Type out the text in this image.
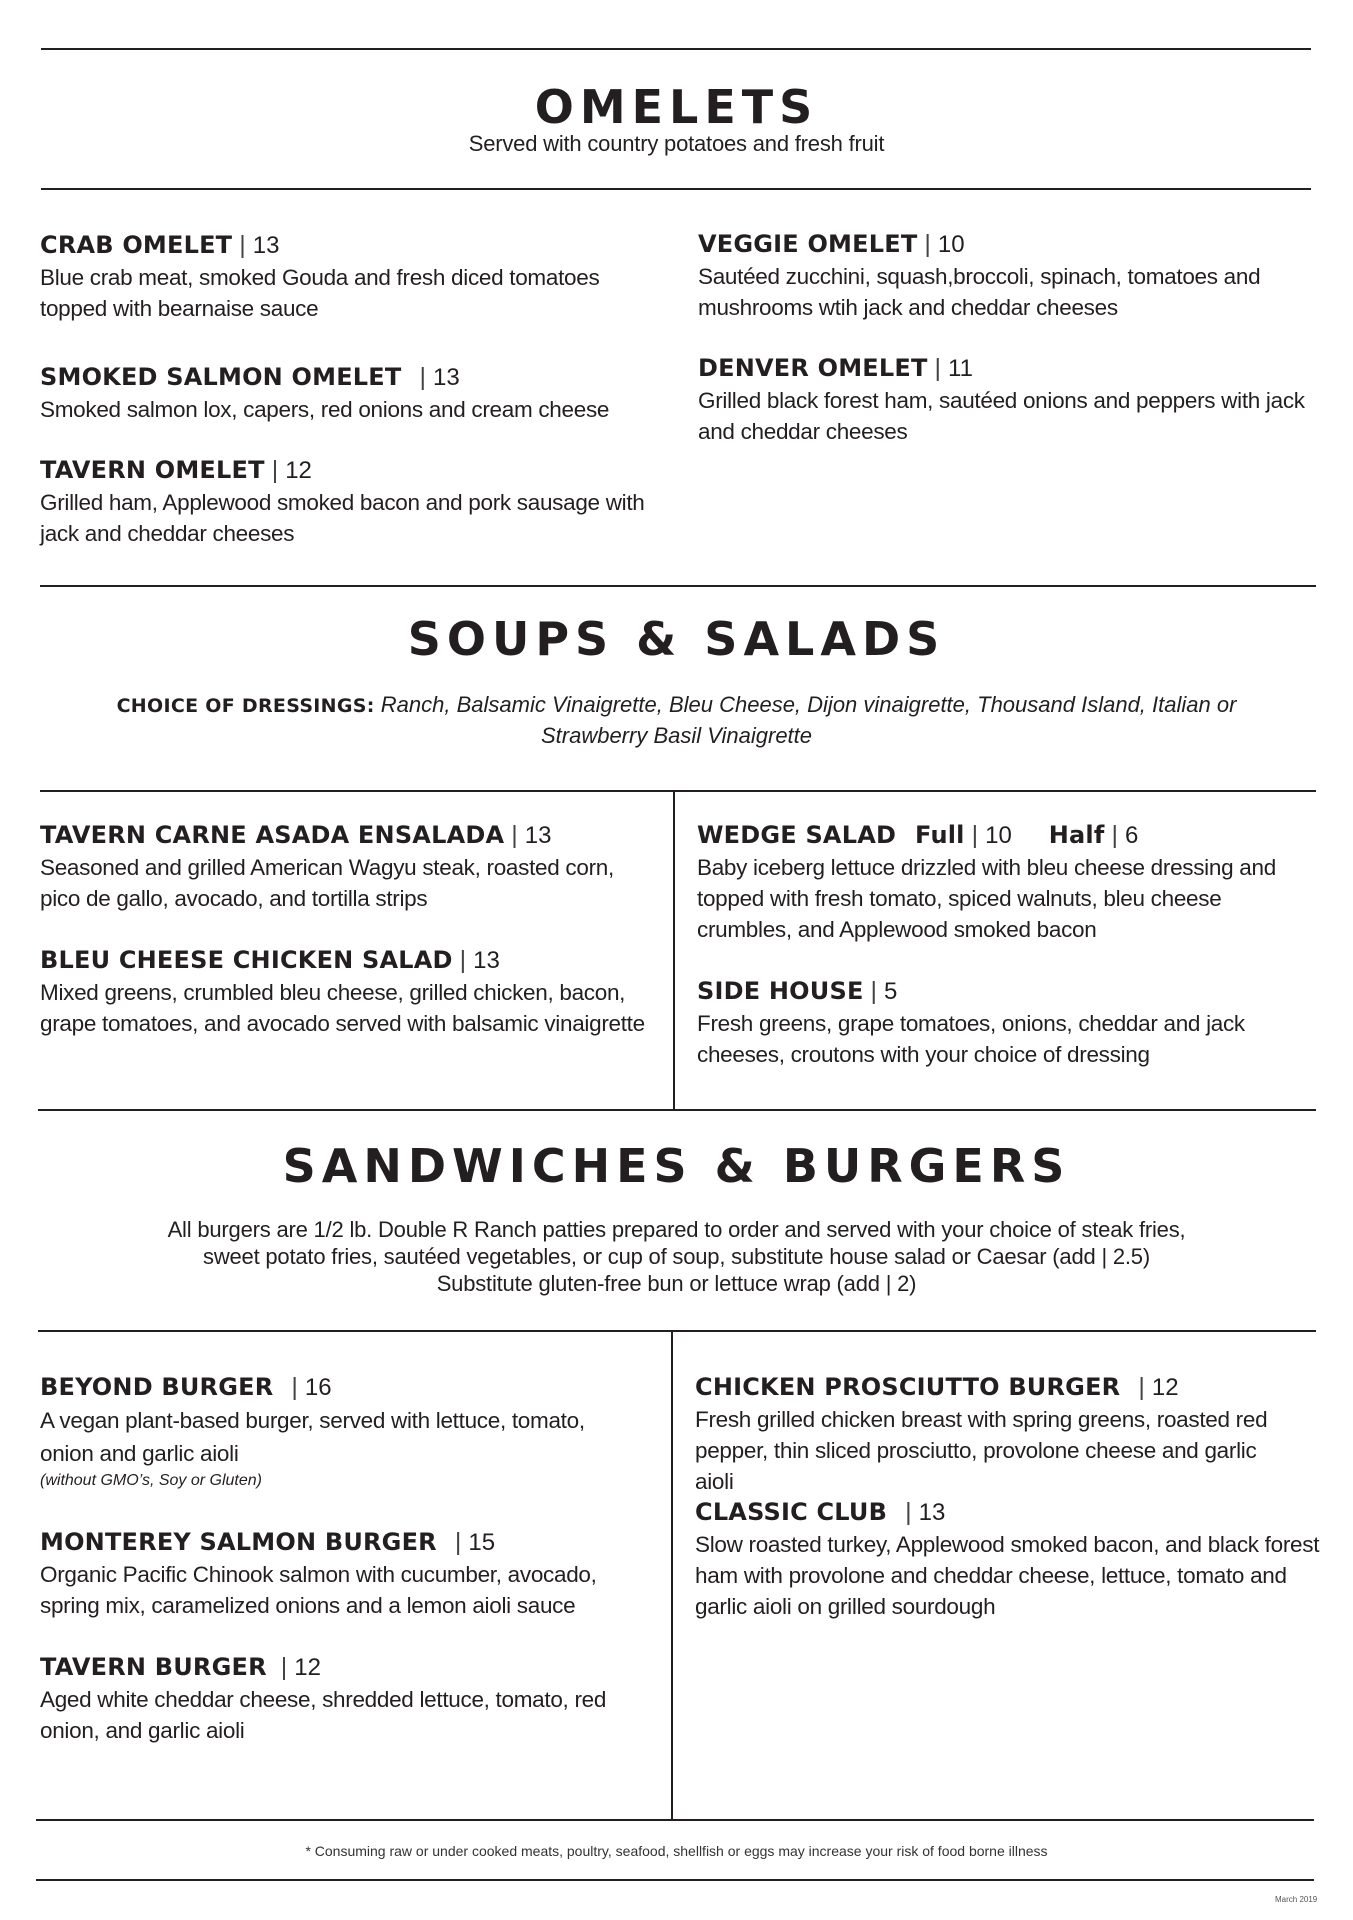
OMELETS
Served with country potatoes and fresh fruit
CRAB OMELET | 13
Blue crab meat, smoked Gouda and fresh diced tomatoes topped with bearnaise sauce
SMOKED SALMON OMELET | 13
Smoked salmon lox, capers, red onions and cream cheese
TAVERN OMELET | 12
Grilled ham, Applewood smoked bacon and pork sausage with jack and cheddar cheeses
VEGGIE OMELET | 10
Sautéed zucchini, squash,broccoli, spinach, tomatoes and mushrooms wtih jack and cheddar cheeses
DENVER OMELET | 11
Grilled black forest ham, sautéed onions and peppers with jack and cheddar cheeses
SOUPS & SALADS
CHOICE OF DRESSINGS: Ranch, Balsamic Vinaigrette, Bleu Cheese, Dijon vinaigrette, Thousand Island, Italian or Strawberry Basil Vinaigrette
TAVERN CARNE ASADA ENSALADA | 13
Seasoned and grilled American Wagyu steak, roasted corn, pico de gallo, avocado, and tortilla strips
BLEU CHEESE CHICKEN SALAD | 13
Mixed greens, crumbled bleu cheese, grilled chicken, bacon, grape tomatoes, and avocado served with balsamic vinaigrette
WEDGE SALAD Full | 10 Half | 6
Baby iceberg lettuce drizzled with bleu cheese dressing and topped with fresh tomato, spiced walnuts, bleu cheese crumbles, and Applewood smoked bacon
SIDE HOUSE | 5
Fresh greens, grape tomatoes, onions, cheddar and jack cheeses, croutons with your choice of dressing
SANDWICHES & BURGERS
All burgers are 1/2 lb. Double R Ranch patties prepared to order and served with your choice of steak fries,
sweet potato fries, sautéed vegetables, or cup of soup, substitute house salad or Caesar (add | 2.5)
Substitute gluten-free bun or lettuce wrap (add | 2)
BEYOND BURGER | 16
A vegan plant-based burger, served with lettuce, tomato, onion and garlic aioli
(without GMO’s, Soy or Gluten)
MONTEREY SALMON BURGER | 15
Organic Pacific Chinook salmon with cucumber, avocado, spring mix, caramelized onions and a lemon aioli sauce
TAVERN BURGER | 12
Aged white cheddar cheese, shredded lettuce, tomato, red onion, and garlic aioli
CHICKEN PROSCIUTTO BURGER | 12
Fresh grilled chicken breast with spring greens, roasted red pepper, thin sliced prosciutto, provolone cheese and garlic aioli
CLASSIC CLUB | 13
Slow roasted turkey, Applewood smoked bacon, and black forest ham with provolone and cheddar cheese, lettuce, tomato and garlic aioli on grilled sourdough
* Consuming raw or under cooked meats, poultry, seafood, shellfish or eggs may increase your risk of food borne illness
March 2019
